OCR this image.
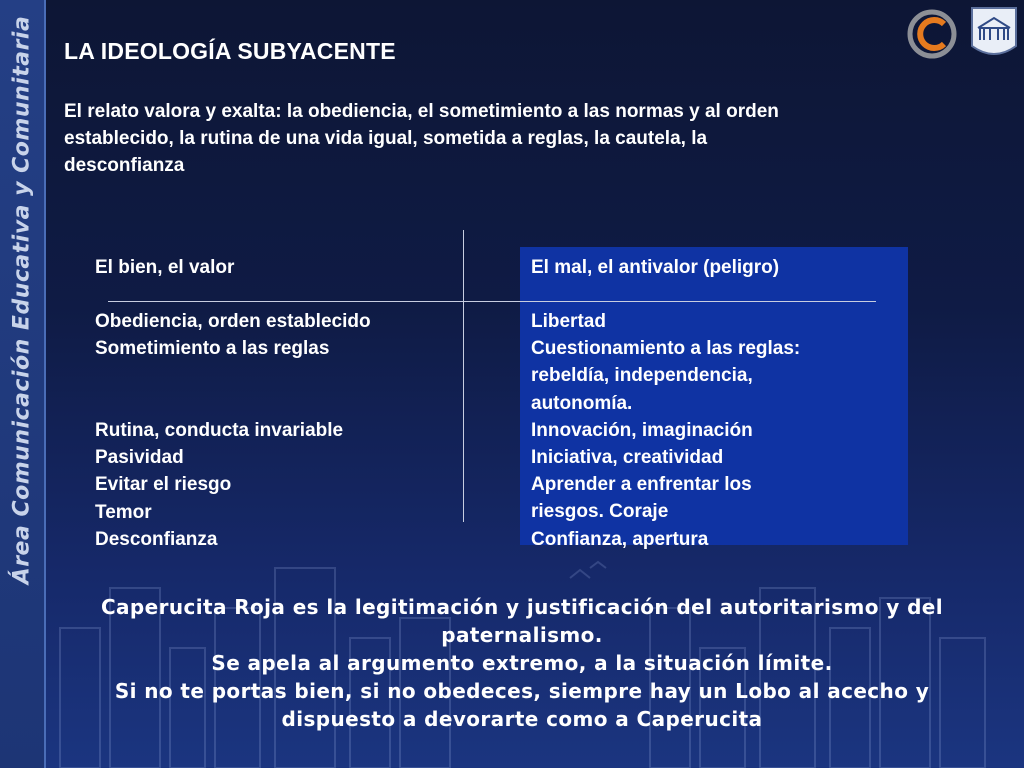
Área Comunicación Educativa y Comunitaria LA IDEOLOGÍA SUBYACENTE
El relato valora y exalta: la obediencia, el sometimiento a las normas y al orden
establecido, la rutina de una vida igual, sometida a reglas, la cautela, la
desconfianza
El bien, el valor
Obediencia, orden establecido
Sometimiento a las reglas
Rutina, conducta invariable
Pasividad
Evitar el riesgo
Temor
Desconfianza
El mal, el antivalor (peligro)
Libertad
Cuestionamiento a las reglas:
rebeldía, independencia,
autonomía.
Innovación, imaginación
Iniciativa, creatividad
Aprender a enfrentar los
riesgos. Coraje
Confianza, apertura
Caperucita Roja es la legitimación y justificación del autoritarismo y del
paternalismo.
Se apela al argumento extremo, a la situación límite.
Si no te portas bien, si no obedeces, siempre hay un Lobo al acecho y
dispuesto a devorarte como a Caperucita
